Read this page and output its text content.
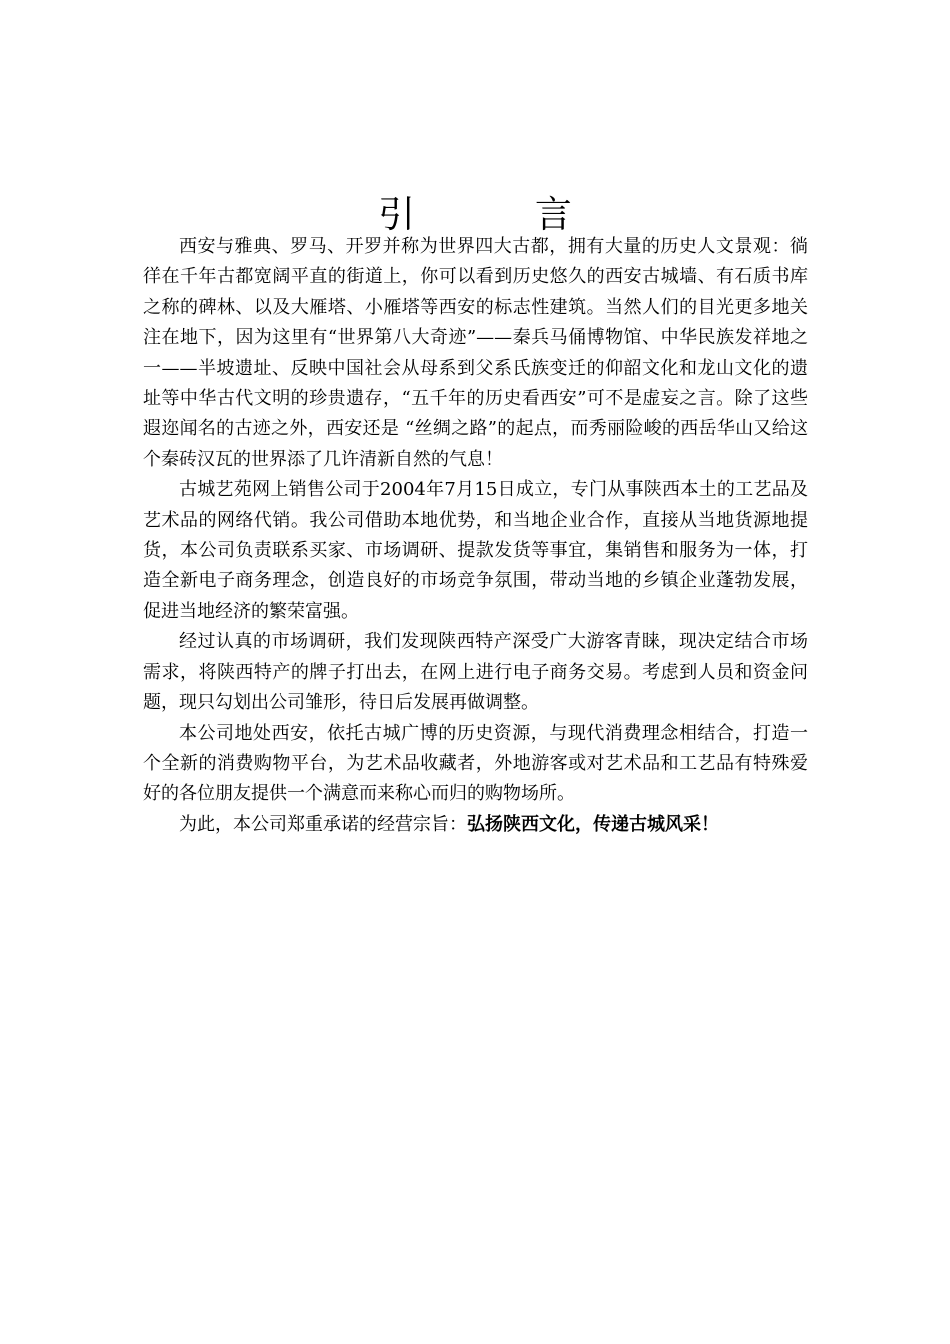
引 言

西安与雅典、罗马、开罗并称为世界四大古都，拥有大量的历史人文景观：徜徉在千年古都宽阔平直的街道上，你可以看到历史悠久的西安古城墙、有石质书库之称的碑林、以及大雁塔、小雁塔等西安的标志性建筑。当然人们的目光更多地关注在地下，因为这里有“世界第八大奇迹”——秦兵马俑博物馆、中华民族发祥地之一——半坡遗址、反映中国社会从母系到父系氏族变迁的仰韶文化和龙山文化的遗址等中华古代文明的珍贵遗存，“五千年的历史看西安”可不是虚妄之言。除了这些遐迩闻名的古迹之外，西安还是 “丝绸之路”的起点，而秀丽险峻的西岳华山又给这个秦砖汉瓦的世界添了几许清新自然的气息！

古城艺苑网上销售公司于2004年7月15日成立，专门从事陕西本土的工艺品及艺术品的网络代销。我公司借助本地优势，和当地企业合作，直接从当地货源地提货，本公司负责联系买家、市场调研、提款发货等事宜，集销售和服务为一体，打造全新电子商务理念，创造良好的市场竞争氛围，带动当地的乡镇企业蓬勃发展，促进当地经济的繁荣富强。

经过认真的市场调研，我们发现陕西特产深受广大游客青睐，现决定结合市场需求，将陕西特产的牌子打出去，在网上进行电子商务交易。考虑到人员和资金问题，现只勾划出公司雏形，待日后发展再做调整。

本公司地处西安，依托古城广博的历史资源，与现代消费理念相结合，打造一个全新的消费购物平台，为艺术品收藏者，外地游客或对艺术品和工艺品有特殊爱好的各位朋友提供一个满意而来称心而归的购物场所。

为此，本公司郑重承诺的经营宗旨：弘扬陕西文化，传递古城风采！
